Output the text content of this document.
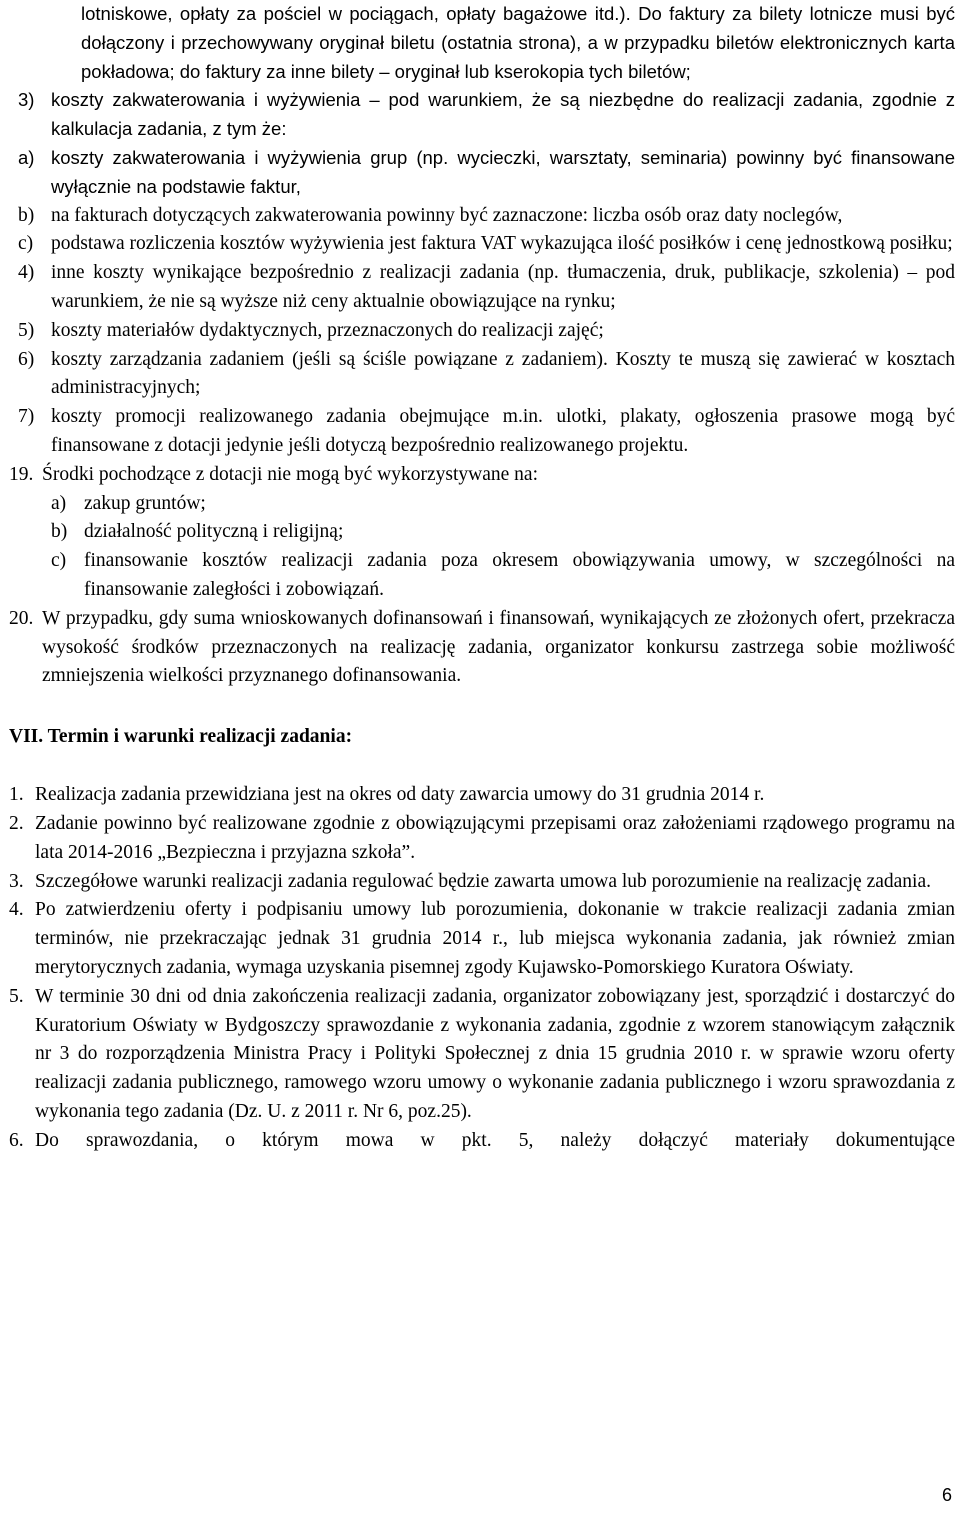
lotniskowe, opłaty za pościel w pociągach, opłaty bagażowe itd.). Do faktury za bilety lotnicze musi być dołączony i przechowywany oryginał biletu (ostatnia strona), a w przypadku biletów elektronicznych karta pokładowa; do faktury za inne bilety – oryginał lub kserokopia tych biletów;

3) koszty zakwaterowania i wyżywienia – pod warunkiem, że są niezbędne do realizacji zadania, zgodnie z kalkulacja zadania, z tym że:
a) koszty zakwaterowania i wyżywienia grup (np. wycieczki, warsztaty, seminaria) powinny być finansowane wyłącznie na podstawie faktur,
b) na fakturach dotyczących zakwaterowania powinny być zaznaczone: liczba osób oraz daty noclegów,
c) podstawa rozliczenia kosztów wyżywienia jest faktura VAT wykazująca ilość posiłków i cenę jednostkową posiłku;
4) inne koszty wynikające bezpośrednio z realizacji zadania (np. tłumaczenia, druk, publikacje, szkolenia) – pod warunkiem, że nie są wyższe niż ceny aktualnie obowiązujące na rynku;
5) koszty materiałów dydaktycznych, przeznaczonych do realizacji zajęć;
6) koszty zarządzania zadaniem (jeśli są ściśle powiązane z zadaniem). Koszty te muszą się zawierać w kosztach administracyjnych;
7) koszty promocji realizowanego zadania obejmujące m.in. ulotki, plakaty, ogłoszenia prasowe mogą być finansowane z dotacji jedynie jeśli dotyczą bezpośrednio realizowanego projektu.
19. Środki pochodzące z dotacji nie mogą być wykorzystywane na:
a) zakup gruntów;
b) działalność polityczną i religijną;
c) finansowanie kosztów realizacji zadania poza okresem obowiązywania umowy, w szczególności na finansowanie zaległości i zobowiązań.
20. W przypadku, gdy suma wnioskowanych dofinansowań i finansowań, wynikających ze złożonych ofert, przekracza wysokość środków przeznaczonych na realizację zadania, organizator konkursu zastrzega sobie możliwość zmniejszenia wielkości przyznanego dofinansowania.
VII. Termin i warunki realizacji zadania:
1. Realizacja zadania przewidziana jest na okres od daty zawarcia umowy do 31 grudnia 2014 r.
2. Zadanie powinno być realizowane zgodnie z obowiązującymi przepisami oraz założeniami rządowego programu na lata 2014-2016 „Bezpieczna i przyjazna szkoła”.
3. Szczegółowe warunki realizacji zadania regulować będzie zawarta umowa lub porozumienie na realizację zadania.
4. Po zatwierdzeniu oferty i podpisaniu umowy lub porozumienia, dokonanie w trakcie realizacji zadania zmian terminów, nie przekraczając jednak 31 grudnia 2014 r., lub miejsca wykonania zadania, jak również zmian merytorycznych zadania, wymaga uzyskania pisemnej zgody Kujawsko-Pomorskiego Kuratora Oświaty.
5. W terminie 30 dni od dnia zakończenia realizacji zadania, organizator zobowiązany jest, sporządzić i dostarczyć do Kuratorium Oświaty w Bydgoszczy sprawozdanie z wykonania zadania, zgodnie z wzorem stanowiącym załącznik nr 3 do rozporządzenia Ministra Pracy i Polityki Społecznej z dnia 15 grudnia 2010 r. w sprawie wzoru oferty realizacji zadania publicznego, ramowego wzoru umowy o wykonanie zadania publicznego i wzoru sprawozdania z wykonania tego zadania (Dz. U. z 2011 r. Nr 6, poz.25).
6. Do sprawozdania, o którym mowa w pkt. 5, należy dołączyć materiały dokumentujące
6
